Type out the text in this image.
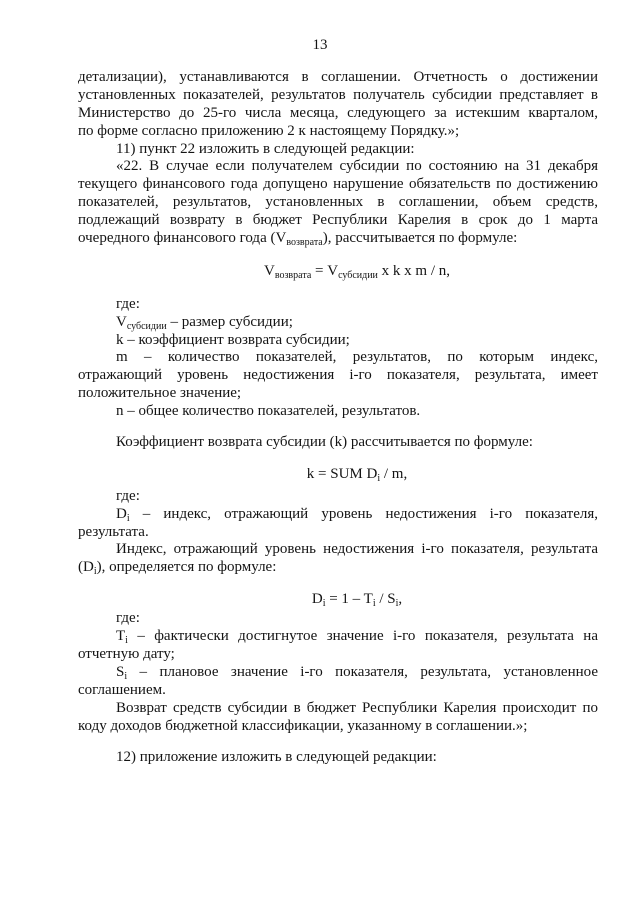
13
детализации), устанавливаются в соглашении. Отчетность о достижении
установленных показателей, результатов получатель субсидии представляет в
Министерство до 25-го числа месяца, следующего за истекшим кварталом,
по форме согласно приложению 2 к настоящему Порядку.»;
11) пункт 22 изложить в следующей редакции:
«22. В случае если получателем субсидии по состоянию на 31 декабря
текущего финансового года допущено нарушение обязательств по достижению
показателей, результатов, установленных в соглашении, объем средств,
подлежащий возврату в бюджет Республики Карелия в срок до 1 марта
очередного финансового года $(V_{возврата})$, рассчитывается по формуле:
$V_{возврата} = V_{субсидии}$ x k x m / n,
где:
$V_{субсидии}$ – размер субсидии;
k – коэффициент возврата субсидии;
m – количество показателей, результатов, по которым индекс,
отражающий уровень недостижения i-го показателя, результата, имеет
положительное значение;
n – общее количество показателей, результатов.
Коэффициент возврата субсидии (k) рассчитывается по формуле:
k = SUM $D_i$ / m,
где:
$D_i$ – индекс, отражающий уровень недостижения i-го показателя,
результата.
Индекс, отражающий уровень недостижения i-го показателя, результата
$(D_i)$, определяется по формуле:
$D_i = 1 - T_i / S_i$,
где:
$T_i$ – фактически достигнутое значение i-го показателя, результата на
отчетную дату;
$S_i$ – плановое значение i-го показателя, результата, установленное
соглашением.
Возврат средств субсидии в бюджет Республики Карелия происходит по
коду доходов бюджетной классификации, указанному в соглашении.»;
12) приложение изложить в следующей редакции:
